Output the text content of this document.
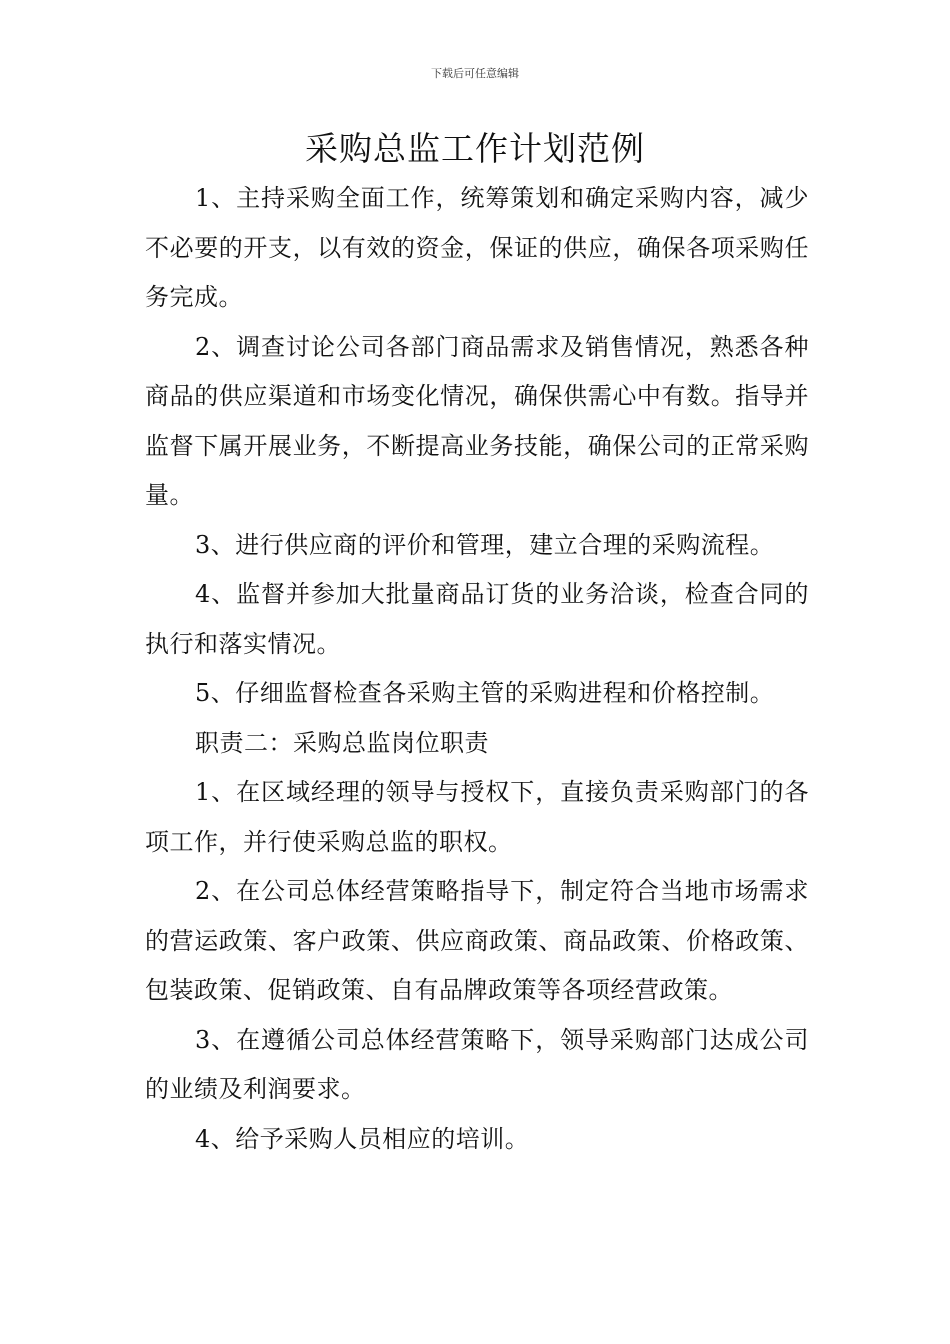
下载后可任意编辑
采购总监工作计划范例

1、主持采购全面工作，统筹策划和确定采购内容，减少不必要的开支，以有效的资金，保证的供应，确保各项采购任务完成。

2、调查讨论公司各部门商品需求及销售情况，熟悉各种商品的供应渠道和市场变化情况，确保供需心中有数。指导并监督下属开展业务，不断提高业务技能，确保公司的正常采购量。

3、进行供应商的评价和管理，建立合理的采购流程。

4、监督并参加大批量商品订货的业务洽谈，检查合同的执行和落实情况。

5、仔细监督检查各采购主管的采购进程和价格控制。

职责二：采购总监岗位职责

1、在区域经理的领导与授权下，直接负责采购部门的各项工作，并行使采购总监的职权。

2、在公司总体经营策略指导下，制定符合当地市场需求的营运政策、客户政策、供应商政策、商品政策、价格政策、包装政策、促销政策、自有品牌政策等各项经营政策。

3、在遵循公司总体经营策略下，领导采购部门达成公司的业绩及利润要求。

4、给予采购人员相应的培训。
